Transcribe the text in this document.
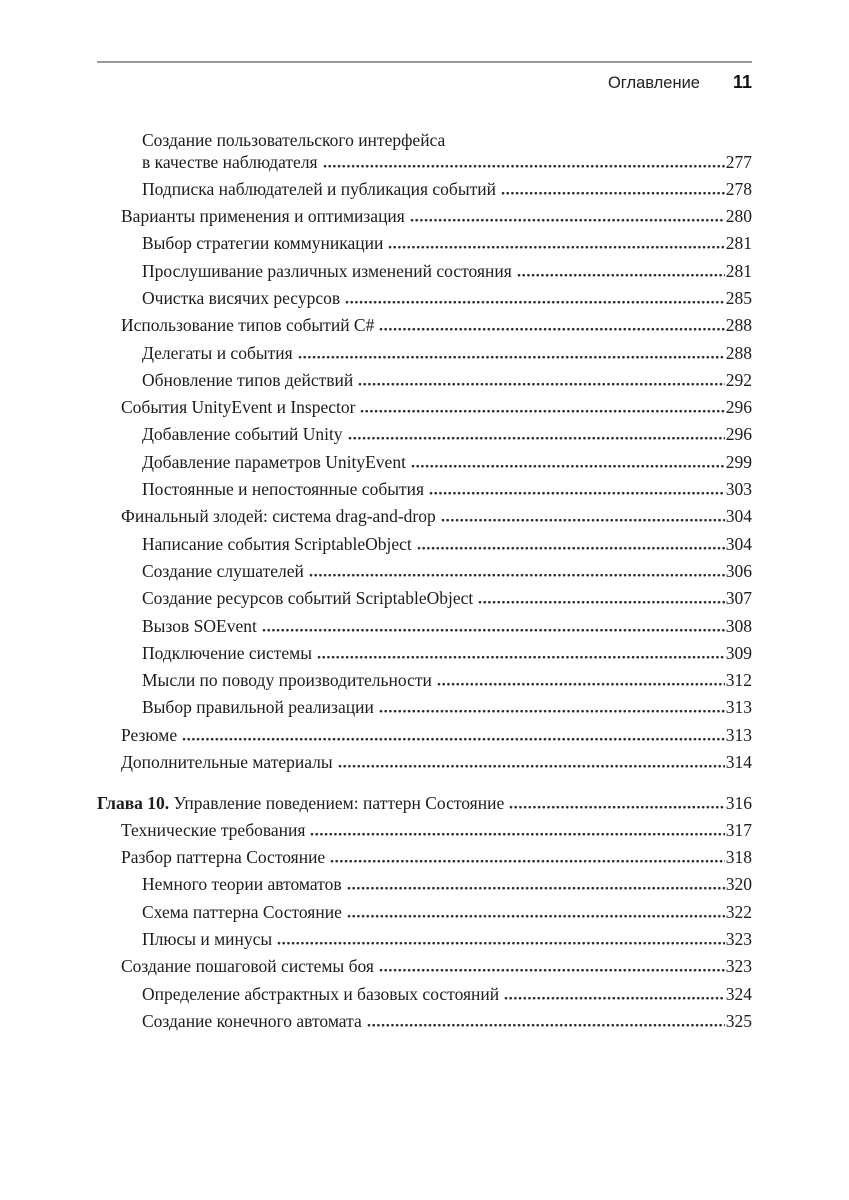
Оглавление 11
Создание пользовательского интерфейса
в качестве наблюдателя	277
Подписка наблюдателей и публикация событий	278
Варианты применения и оптимизация	280
Выбор стратегии коммуникации	281
Прослушивание различных изменений состояния	281
Очистка висячих ресурсов	285
Использование типов событий C#	288
Делегаты и события	288
Обновление типов действий	292
События UnityEvent и Inspector	296
Добавление событий Unity	296
Добавление параметров UnityEvent	299
Постоянные и непостоянные события	303
Финальный злодей: система drag-and-drop	304
Написание события ScriptableObject	304
Создание слушателей	306
Создание ресурсов событий ScriptableObject	307
Вызов SOEvent	308
Подключение системы	309
Мысли по поводу производительности	312
Выбор правильной реализации	313
Резюме	313
Дополнительные материалы	314
Глава 10. Управление поведением: паттерн Состояние	316
Технические требования	317
Разбор паттерна Состояние	318
Немного теории автоматов	320
Схема паттерна Состояние	322
Плюсы и минусы	323
Создание пошаговой системы боя	323
Определение абстрактных и базовых состояний	324
Создание конечного автомата	325
